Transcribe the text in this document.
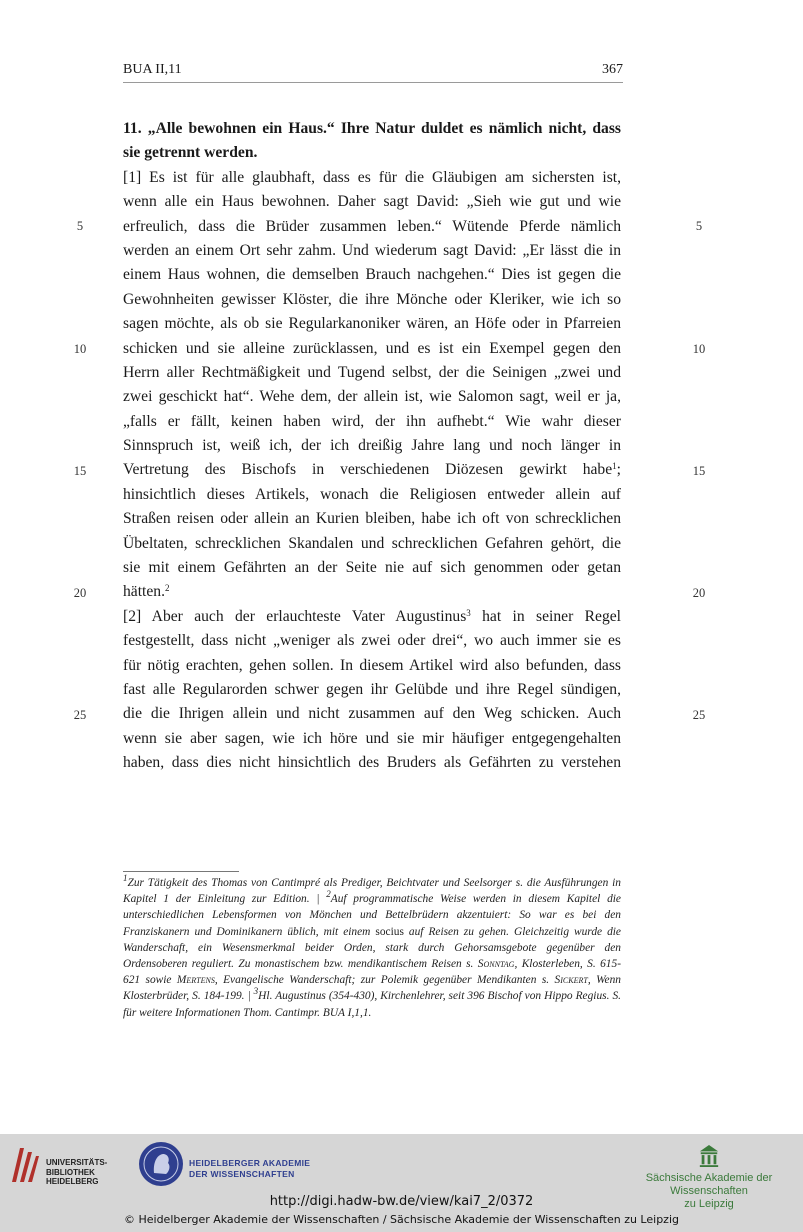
BUA II,11	367
5	5
10	10
15	15
20	20
25	25
11. „Alle bewohnen ein Haus.“ Ihre Natur duldet es nämlich nicht, dass
sie getrennt werden.
[1] Es ist für alle glaubhaft, dass es für die Gläubigen am sichersten ist,
wenn alle ein Haus bewohnen. Daher sagt David: „Sieh wie gut und wie
erfreulich, dass die Brüder zusammen leben.“ Wütende Pferde nämlich
werden an einem Ort sehr zahm. Und wiederum sagt David: „Er lässt die in
einem Haus wohnen, die demselben Brauch nachgehen.“ Dies ist gegen die
Gewohnheiten gewisser Klöster, die ihre Mönche oder Kleriker, wie ich so
sagen möchte, als ob sie Regularkanoniker wären, an Höfe oder in Pfarreien
schicken und sie alleine zurücklassen, und es ist ein Exempel gegen den
Herrn aller Rechtmäßigkeit und Tugend selbst, der die Seinigen „zwei und
zwei geschickt hat“. Wehe dem, der allein ist, wie Salomon sagt, weil er ja,
„falls er fällt, keinen haben wird, der ihn aufhebt.“ Wie wahr dieser
Sinnspruch ist, weiß ich, der ich dreißig Jahre lang und noch länger in
Vertretung des Bischofs in verschiedenen Diözesen gewirkt habe$^1$;
hinsichtlich dieses Artikels, wonach die Religiosen entweder allein auf
Straßen reisen oder allein an Kurien bleiben, habe ich oft von schrecklichen
Übeltaten, schrecklichen Skandalen und schrecklichen Gefahren gehört, die
sie mit einem Gefährten an der Seite nie auf sich genommen oder getan
hätten.$^2$
[2] Aber auch der erlauchteste Vater Augustinus$^3$ hat in seiner Regel
festgestellt, dass nicht „weniger als zwei oder drei“, wo auch immer sie es
für nötig erachten, gehen sollen. In diesem Artikel wird also befunden, dass
fast alle Regularorden schwer gegen ihr Gelübde und ihre Regel sündigen,
die die Ihrigen allein und nicht zusammen auf den Weg schicken. Auch
wenn sie aber sagen, wie ich höre und sie mir häufiger entgegengehalten
haben, dass dies nicht hinsichtlich des Bruders als Gefährten zu verstehen
$^1$Zur Tätigkeit des Thomas von Cantimpré als Prediger, Beichtvater und Seelsorger s. die Ausführungen in Kapitel 1 der Einleitung zur Edition. | $^2$Auf programmatische Weise werden in diesem Kapitel die unterschiedlichen Lebensformen von Mönchen und Bettelbrüdern akzentuiert: So war es bei den Franziskanern und Dominikanern üblich, mit einem socius auf Reisen zu gehen. Gleichzeitig wurde die Wanderschaft, ein Wesensmerkmal beider Orden, stark durch Gehorsamsgebote gegenüber den Ordensoberen reguliert. Zu monastischem bzw. mendikantischem Reisen s. Sonntag, Klosterleben, S. 615-621 sowie Mertens, Evangelische Wanderschaft; zur Polemik gegenüber Mendikanten s. Sickert, Wenn Klosterbrüder, S. 184-199. | $^3$Hl. Augustinus (354-430), Kirchenlehrer, seit 396 Bischof von Hippo Regius. S. für weitere Informationen Thom. Cantimpr. BUA I,1,1.
UNIVERSITÄTS-
BIBLIOTHEK
HEIDELBERG
HEIDELBERGER AKADEMIE
DER WISSENSCHAFTEN	Sächsische Akademie der Wissenschaften
zu Leipzig
http://digi.hadw-bw.de/view/kai7_2/0372
© Heidelberger Akademie der Wissenschaften / Sächsische Akademie der Wissenschaften zu Leipzig
